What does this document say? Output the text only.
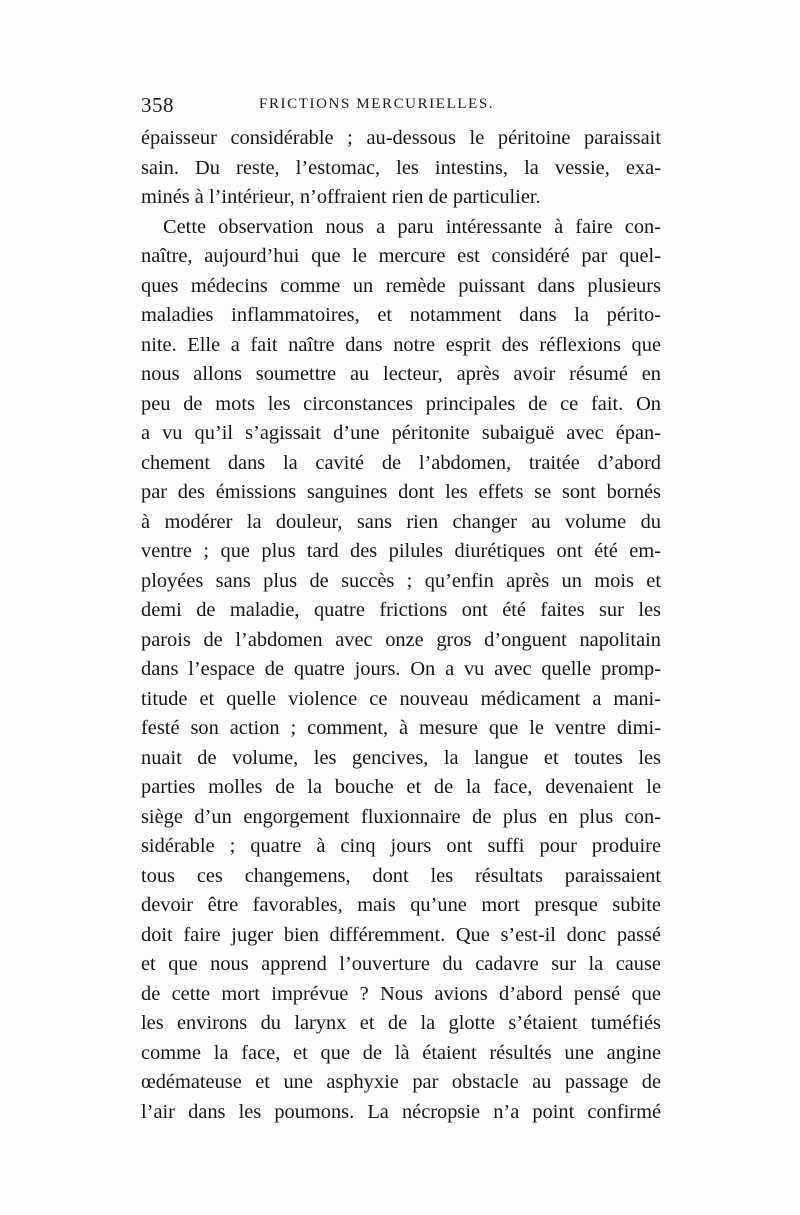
358	FRICTIONS MERCURIELLES.
épaisseur considérable ; au-dessous le péritoine paraissait
sain. Du reste, l’estomac, les intestins, la vessie, exa-
minés à l’intérieur, n’offraient rien de particulier.
Cette observation nous a paru intéressante à faire con-
naître, aujourd’hui que le mercure est considéré par quel-
ques médecins comme un remède puissant dans plusieurs
maladies inflammatoires, et notamment dans la périto-
nite. Elle a fait naître dans notre esprit des réflexions que
nous allons soumettre au lecteur, après avoir résumé en
peu de mots les circonstances principales de ce fait. On
a vu qu’il s’agissait d’une péritonite subaiguë avec épan-
chement dans la cavité de l’abdomen, traitée d’abord
par des émissions sanguines dont les effets se sont bornés
à modérer la douleur, sans rien changer au volume du
ventre ; que plus tard des pilules diurétiques ont été em-
ployées sans plus de succès ; qu’enfin après un mois et
demi de maladie, quatre frictions ont été faites sur les
parois de l’abdomen avec onze gros d’onguent napolitain
dans l’espace de quatre jours. On a vu avec quelle promp-
titude et quelle violence ce nouveau médicament a mani-
festé son action ; comment, à mesure que le ventre dimi-
nuait de volume, les gencives, la langue et toutes les
parties molles de la bouche et de la face, devenaient le
siège d’un engorgement fluxionnaire de plus en plus con-
sidérable ; quatre à cinq jours ont suffi pour produire
tous ces changemens, dont les résultats paraissaient
devoir être favorables, mais qu’une mort presque subite
doit faire juger bien différemment. Que s’est-il donc passé
et que nous apprend l’ouverture du cadavre sur la cause
de cette mort imprévue ? Nous avions d’abord pensé que
les environs du larynx et de la glotte s’étaient tuméfiés
comme la face, et que de là étaient résultés une angine
œdémateuse et une asphyxie par obstacle au passage de
l’air dans les poumons. La nécropsie n’a point confirmé
